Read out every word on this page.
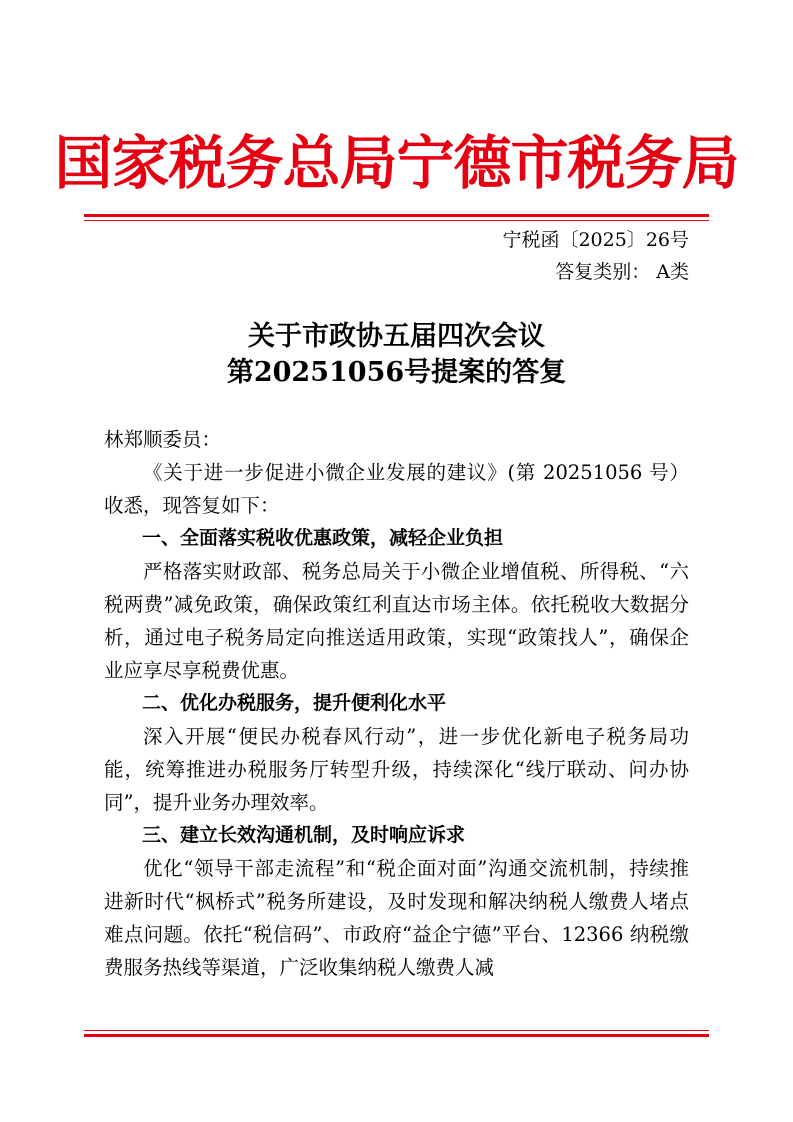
国家税务总局宁德市税务局
宁税函〔2025〕26号
答复类别： A类
关于市政协五届四次会议
第20251056号提案的答复

林郑顺委员：

《关于进一步促进小微企业发展的建议》(第 20251056 号）收悉，现答复如下：

一、全面落实税收优惠政策，减轻企业负担

严格落实财政部、税务总局关于小微企业增值税、所得税、“六税两费”减免政策，确保政策红利直达市场主体。依托税收大数据分析，通过电子税务局定向推送适用政策，实现“政策找人”，确保企业应享尽享税费优惠。

二、优化办税服务，提升便利化水平

深入开展“便民办税春风行动”，进一步优化新电子税务局功能，统筹推进办税服务厅转型升级，持续深化“线厅联动、问办协同”，提升业务办理效率。

三、建立长效沟通机制，及时响应诉求

优化“领导干部走流程”和“税企面对面”沟通交流机制，持续推进新时代“枫桥式”税务所建设，及时发现和解决纳税人缴费人堵点难点问题。依托“税信码”、市政府“益企宁德”平台、12366 纳税缴费服务热线等渠道，广泛收集纳税人缴费人减
